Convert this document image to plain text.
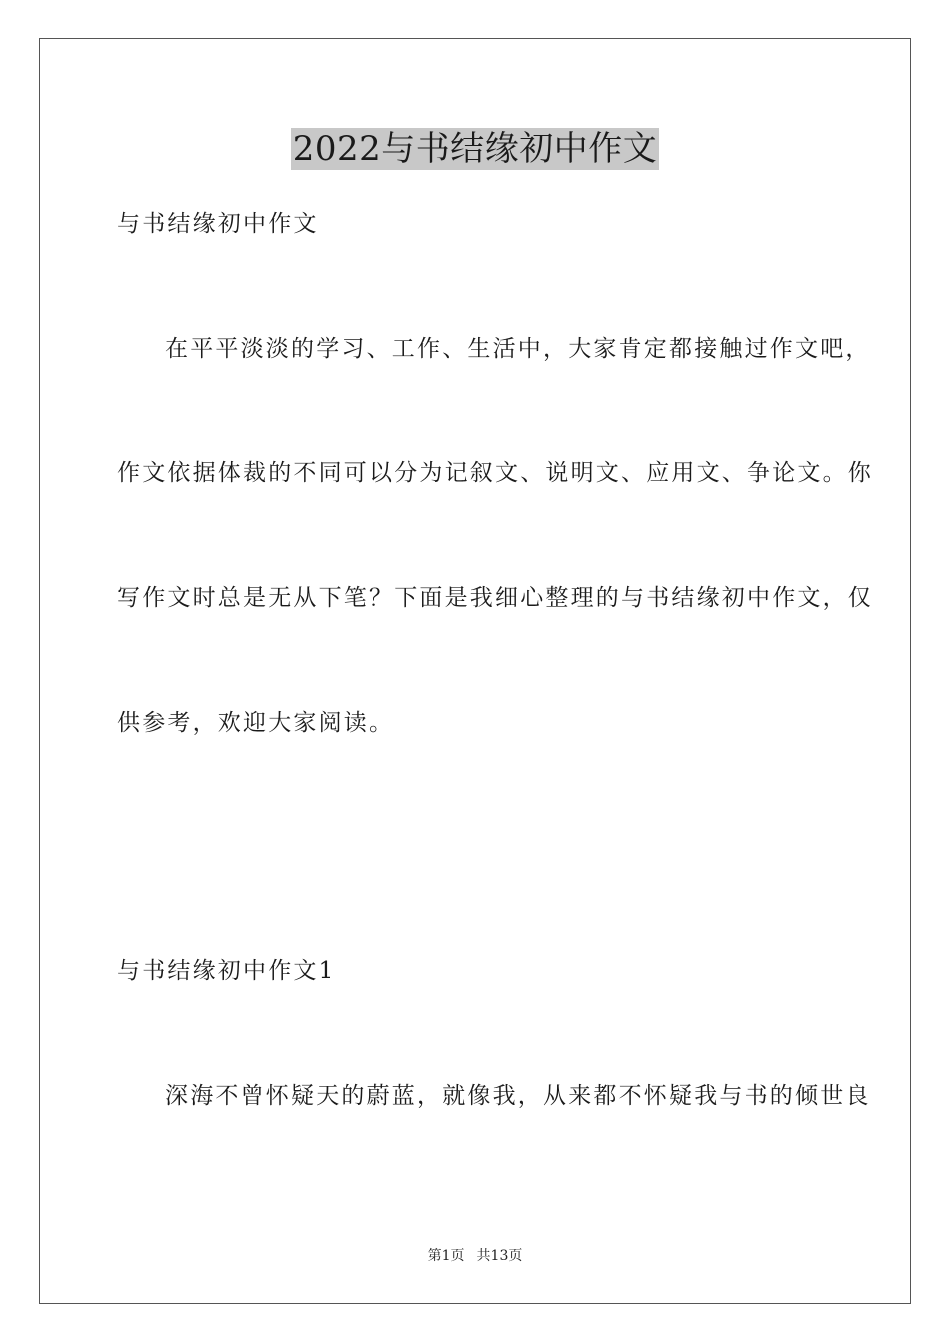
2022与书结缘初中作文
与书结缘初中作文
在平平淡淡的学习、工作、生活中，大家肯定都接触过作文吧，
作文依据体裁的不同可以分为记叙文、说明文、应用文、争论文。你
写作文时总是无从下笔？下面是我细心整理的与书结缘初中作文，仅
供参考，欢迎大家阅读。
与书结缘初中作文1
深海不曾怀疑天的蔚蓝，就像我，从来都不怀疑我与书的倾世良
第1页 共13页
